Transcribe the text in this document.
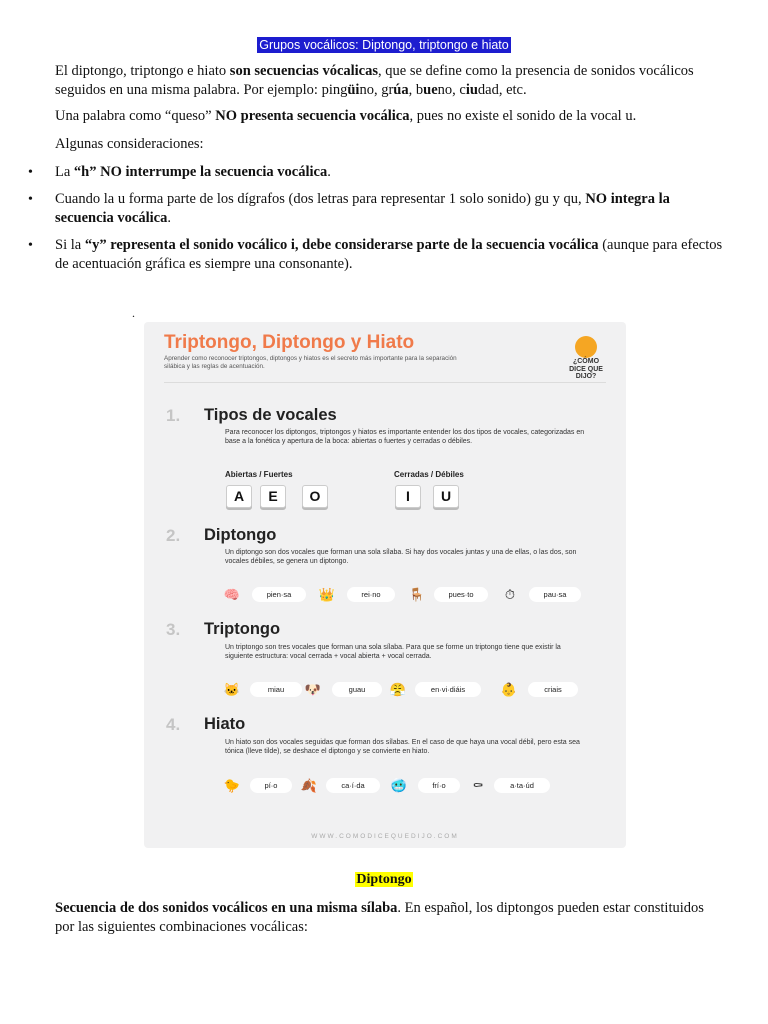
Grupos vocálicos: Diptongo, triptongo e hiato

El diptongo, triptongo e hiato son secuencias vócalicas, que se define como la presencia de sonidos vocálicos seguidos en una misma palabra. Por ejemplo: pingüino, grúa, bueno, ciudad, etc.

Una palabra como “queso” NO presenta secuencia vocálica, pues no existe el sonido de la vocal u.

Algunas consideraciones:

• La “h” NO interrumpe la secuencia vocálica.
• Cuando la u forma parte de los dígrafos (dos letras para representar 1 solo sonido) gu y qu, NO integra la secuencia vocálica.
• Si la “y” representa el sonido vocálico i, debe considerarse parte de la secuencia vocálica (aunque para efectos de acentuación gráfica es siempre una consonante).
.
Triptongo, Diptongo y Hiato
Aprender como reconocer triptongos, diptongos y hiatos es el secreto más importante para la separación silábica y las reglas de acentuación.
¿CÓMO DICE QUE DIJO?
1. Tipos de vocales
Para reconocer los diptongos, triptongos y hiatos es importante entender los dos tipos de vocales, categorizadas en base a la fonética y apertura de la boca: abiertas o fuertes y cerradas o débiles.
Abiertas / Fuertes	Cerradas / Débiles
A	E	O	I	U
2. Diptongo
Un diptongo son dos vocales que forman una sola sílaba. Si hay dos vocales juntas y una de ellas, o las dos, son vocales débiles, se genera un diptongo.
🧠	pien·sa	👑	rei·no	🪑	pues·to	⏱	pau·sa
3. Triptongo
Un triptongo son tres vocales que forman una sola sílaba. Para que se forme un triptongo tiene que existir la siguiente estructura: vocal cerrada + vocal abierta + vocal cerrada.
🐱	miau	🐶	guau	😤	en·vi·diáis	👶	criais
4. Hiato
Un hiato son dos vocales seguidas que forman dos sílabas. En el caso de que haya una vocal débil, pero esta sea tónica (lleve tilde), se deshace el diptongo y se convierte en hiato.
🐤	pí·o	🍂	ca·í·da	🥶	frí·o	⚰	a·ta·úd
WWW.COMODICEQUEDIJO.COM
Diptongo

Secuencia de dos sonidos vocálicos en una misma sílaba. En español, los diptongos pueden estar constituidos por las siguientes combinaciones vocálicas:
